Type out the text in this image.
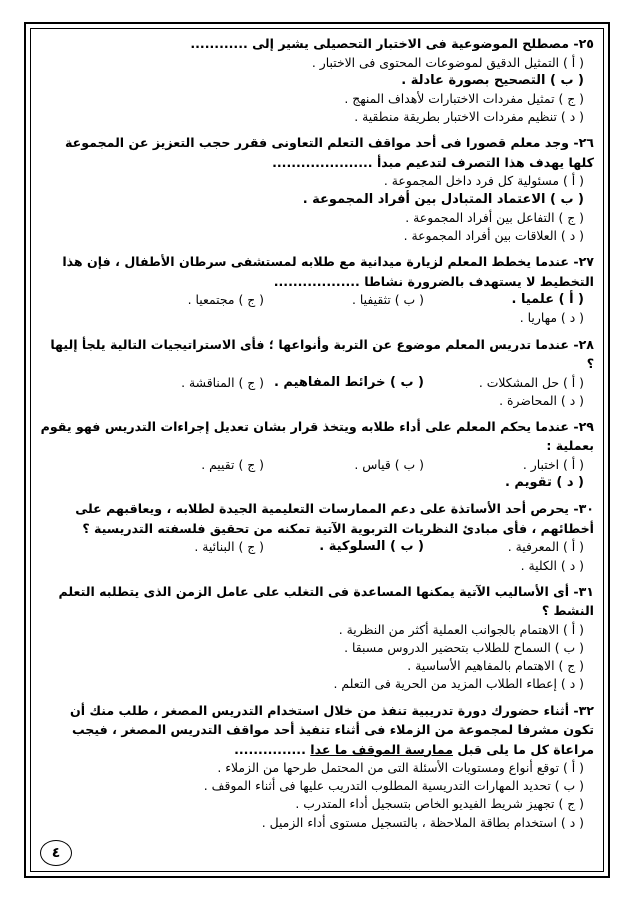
٢٥- مصطلح الموضوعية فى الاختبار التحصيلى يشير إلى ............

( أ ) التمثيل الدقيق لموضوعات المحتوى فى الاختبار .

( ب ) التصحيح بصورة عادلة .

( ج ) تمثيل مفردات الاختبارات لأهداف المنهج .

( د ) تنظيم مفردات الاختبار بطريقة منطقية .

٢٦- وجد معلم قصورا فى أحد مواقف التعلم التعاونى فقرر حجب التعزيز عن المجموعة كلها يهدف هذا التصرف لتدعيم مبدأ .....................

( أ ) مسئولية كل فرد داخل المجموعة .

( ب ) الاعتماد المتبادل بين أفراد المجموعة .

( ج ) التفاعل بين أفراد المجموعة .

( د ) العلاقات بين أفراد المجموعة .

٢٧- عندما يخطط المعلم لزيارة ميدانية مع طلابه لمستشفى سرطان الأطفال ، فإن هذا التخطيط لا يستهدف بالضرورة نشاطا ..................

( أ ) علميا .
( ب ) تثقيفيا .
( ج ) مجتمعيا .
( د ) مهاريا .

٢٨- عندما تدريس المعلم موضوع عن التربة وأنواعها ؛ فأى الاستراتيجيات التالية يلجأ إليها ؟

( أ ) حل المشكلات .
( ب ) خرائط المفاهيم .
( ج ) المناقشة .
( د ) المحاضرة .

٢٩- عندما يحكم المعلم على أداء طلابه ويتخذ قرار بشان تعديل إجراءات التدريس فهو يقوم بعملية :

( أ ) اختبار .
( ب ) قياس .
( ج ) تقييم .
( د ) تقويم .

٣٠- يحرص أحد الأساتذة على دعم الممارسات التعليمية الجيدة لطلابه ، ويعاقبهم على أخطائهم ، فأى مبادئ النظريات التربوية الآتية تمكنه من تحقيق فلسفته التدريسية ؟

( أ ) المعرفية .
( ب ) السلوكية .
( ج ) البنائية .
( د ) الكلية .

٣١- أى الأساليب الآتية يمكنها المساعدة فى التغلب على عامل الزمن الذى يتطلبه التعلم النشط ؟

( أ ) الاهتمام بالجوانب العملية أكثر من النظرية .

( ب ) السماح للطلاب بتحضير الدروس مسبقا .

( ج ) الاهتمام بالمفاهيم الأساسية .

( د ) إعطاء الطلاب المزيد من الحرية فى التعلم .

٣٢- أثناء حضورك دورة تدريبية تنفذ من خلال استخدام التدريس المصغر ، طلب منك أن تكون مشرفا لمجموعة من الزملاء فى أثناء تنفيذ أحد مواقف التدريس المصغر ، فيجب مراعاة كل ما يلى قبل ممارسة الموقف ما عدا ...............

( أ ) توقع أنواع ومستويات الأسئلة التى من المحتمل طرحها من الزملاء .

( ب ) تحديد المهارات التدريسية المطلوب التدريب عليها فى أثناء الموقف .

( ج ) تجهيز شريط الفيديو الخاص بتسجيل أداء المتدرب .

( د ) استخدام بطاقة الملاحظة ، بالتسجيل مستوى أداء الزميل .

٤
